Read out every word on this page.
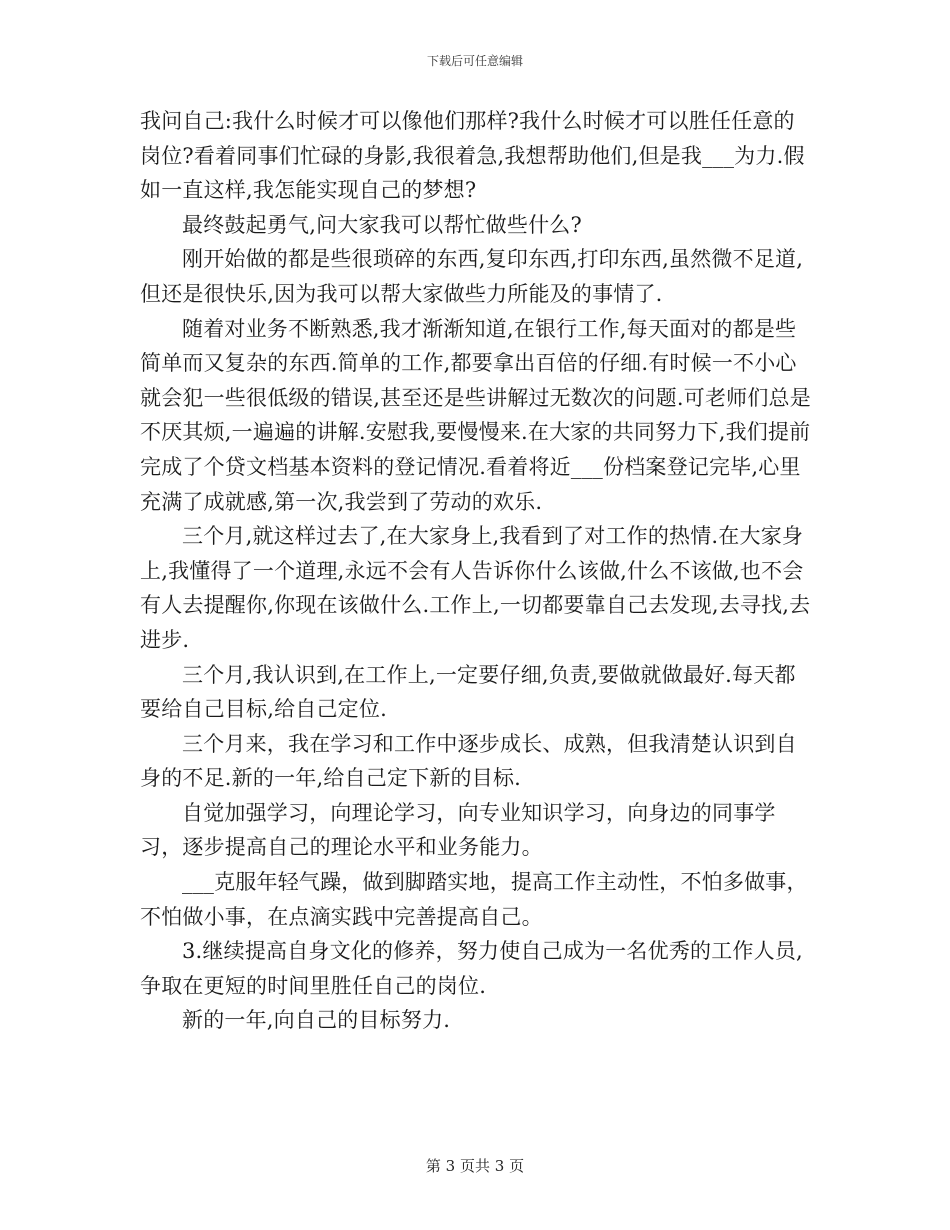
下载后可任意编辑

我问自己:我什么时候才可以像他们那样?我什么时候才可以胜任任意的岗位?看着同事们忙碌的身影,我很着急,我想帮助他们,但是我___为力.假如一直这样,我怎能实现自己的梦想?

最终鼓起勇气,问大家我可以帮忙做些什么?

刚开始做的都是些很琐碎的东西,复印东西,打印东西,虽然微不足道,但还是很快乐,因为我可以帮大家做些力所能及的事情了.

随着对业务不断熟悉,我才渐渐知道,在银行工作,每天面对的都是些简单而又复杂的东西.简单的工作,都要拿出百倍的仔细.有时候一不小心就会犯一些很低级的错误,甚至还是些讲解过无数次的问题.可老师们总是不厌其烦,一遍遍的讲解.安慰我,要慢慢来.在大家的共同努力下,我们提前完成了个贷文档基本资料的登记情况.看着将近___份档案登记完毕,心里充满了成就感,第一次,我尝到了劳动的欢乐.

三个月,就这样过去了,在大家身上,我看到了对工作的热情.在大家身上,我懂得了一个道理,永远不会有人告诉你什么该做,什么不该做,也不会有人去提醒你,你现在该做什么.工作上,一切都要靠自己去发现,去寻找,去进步.

三个月,我认识到,在工作上,一定要仔细,负责,要做就做最好.每天都要给自己目标,给自己定位.

三个月来，我在学习和工作中逐步成长、成熟，但我清楚认识到自身的不足.新的一年,给自己定下新的目标.

自觉加强学习，向理论学习，向专业知识学习，向身边的同事学习，逐步提高自己的理论水平和业务能力。

___克服年轻气躁，做到脚踏实地，提高工作主动性，不怕多做事，不怕做小事，在点滴实践中完善提高自己。

3.继续提高自身文化的修养，努力使自己成为一名优秀的工作人员,争取在更短的时间里胜任自己的岗位.

新的一年,向自己的目标努力.

第 3 页共 3 页
